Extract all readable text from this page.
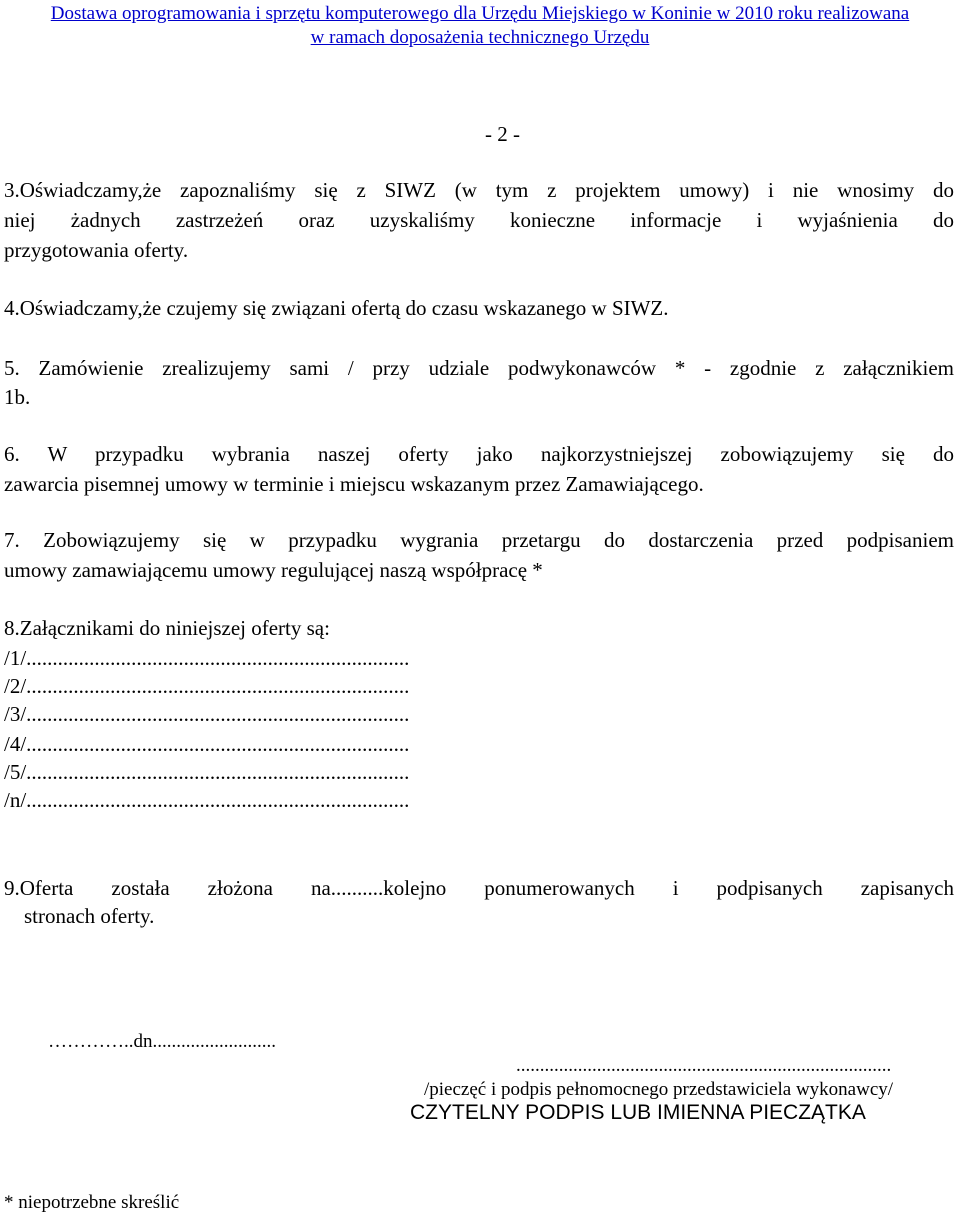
Dostawa oprogramowania i sprzętu komputerowego dla Urzędu Miejskiego w Koninie w 2010 roku realizowana
w ramach doposażenia technicznego Urzędu
- 2 -
3.Oświadczamy,że zapoznaliśmy się z SIWZ (w tym z projektem umowy) i nie wnosimy do
niej żadnych zastrzeżeń oraz uzyskaliśmy konieczne informacje i wyjaśnienia do
przygotowania oferty.
4.Oświadczamy,że czujemy się związani ofertą do czasu wskazanego w SIWZ.
5. Zamówienie zrealizujemy sami / przy udziale podwykonawców * - zgodnie z załącznikiem
1b.
6. W przypadku wybrania naszej oferty jako najkorzystniejszej zobowiązujemy się do
zawarcia pisemnej umowy w terminie i miejscu wskazanym przez Zamawiającego.
7. Zobowiązujemy się w przypadku wygrania przetargu do dostarczenia przed podpisaniem
umowy zamawiającemu umowy regulującej naszą współpracę *
8.Załącznikami do niniejszej oferty są:
/1/.........................................................................
/2/.........................................................................
/3/.........................................................................
/4/.........................................................................
/5/.........................................................................
/n/.........................................................................
9.Oferta została złożona na..........kolejno ponumerowanych i podpisanych zapisanych
stronach oferty.
…………..dn..........................
...............................................................................
/pieczęć i podpis pełnomocnego przedstawiciela wykonawcy/
CZYTELNY PODPIS LUB IMIENNA PIECZĄTKA
* niepotrzebne skreślić
